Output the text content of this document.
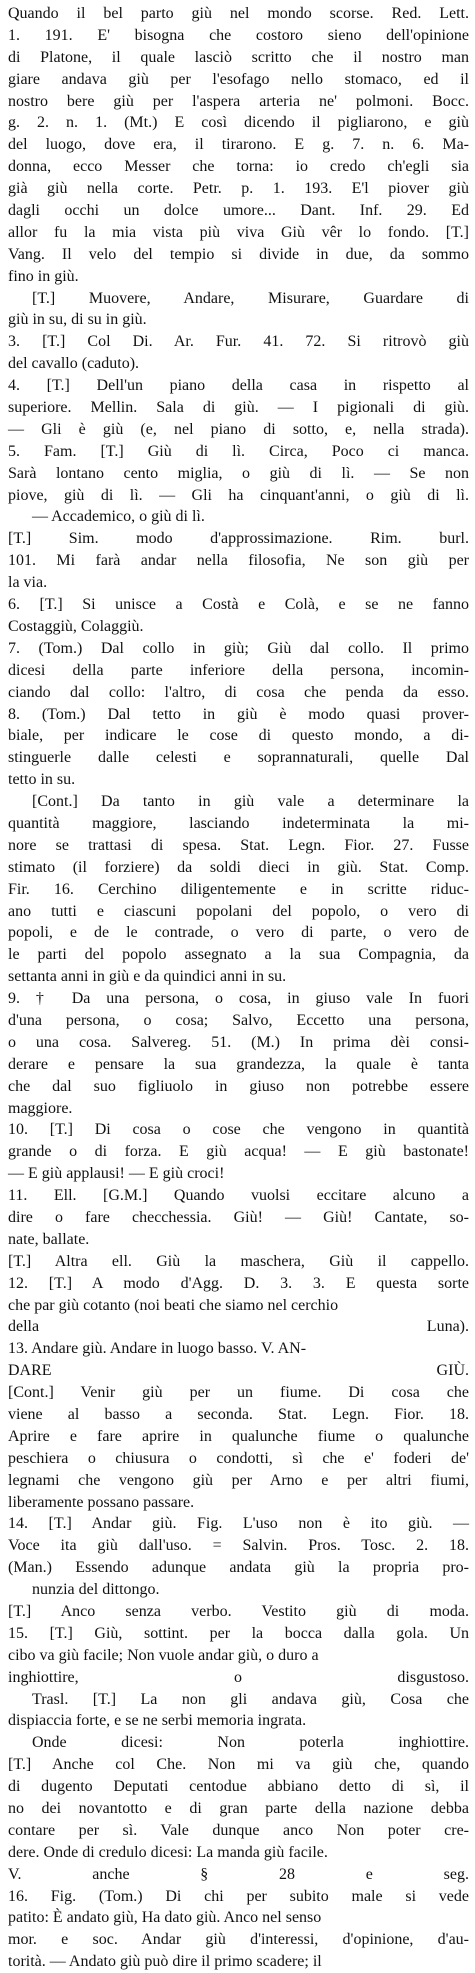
Quando il bel parto giù nel mondo scorse. Red. Lett.
1. 191. E' bisogna che costoro sieno dell'opinione
di Platone, il quale lasciò scritto che il nostro man
giare andava giù per l'esofago nello stomaco, ed il
nostro bere giù per l'aspera arteria ne' polmoni. Bocc.
g. 2. n. 1. (Mt.) E così dicendo il pigliarono, e giù
del luogo, dove era, il tirarono. E g. 7. n. 6. Ma-
donna, ecco Messer che torna: io credo ch'egli sia
già giù nella corte. Petr. p. 1. 193. E'l piover giù
dagli occhi un dolce umore... Dant. Inf. 29. Ed
allor fu la mia vista più viva Giù vêr lo fondo. [T.]
Vang. Il velo del tempio si divide in due, da sommo
fino in giù.
[T.] Muovere, Andare, Misurare, Guardare di
giù in su, di su in giù.
3. [T.] Col Di. Ar. Fur. 41. 72. Si ritrovò giù
del cavallo (caduto).
4. [T.] Dell'un piano della casa in rispetto al
superiore. Mellin. Sala di giù. — I pigionali di giù.
— Gli è giù (e, nel piano di sotto, e, nella strada).
5. Fam. [T.] Giù di lì. Circa, Poco ci manca.
Sarà lontano cento miglia, o giù di lì. — Se non
piove, giù di lì. — Gli ha cinquant'anni, o giù di lì.
— Accademico, o giù di lì.
[T.] Sim. modo d'approssimazione. Rim. burl.
101. Mi farà andar nella filosofia, Ne son giù per
la via.
6. [T.] Si unisce a Costà e Colà, e se ne fanno
Costaggiù, Colaggiù.
7. (Tom.) Dal collo in giù; Giù dal collo. Il primo
dicesi della parte inferiore della persona, incomin-
ciando dal collo: l'altro, di cosa che penda da esso.
8. (Tom.) Dal tetto in giù è modo quasi prover-
biale, per indicare le cose di questo mondo, a di-
stinguerle dalle celesti e soprannaturali, quelle Dal
tetto in su.
[Cont.] Da tanto in giù vale a determinare la
quantità maggiore, lasciando indeterminata la mi-
nore se trattasi di spesa. Stat. Legn. Fior. 27. Fusse
stimato (il forziere) da soldi dieci in giù. Stat. Comp.
Fir. 16. Cerchino diligentemente e in scritte riduc-
ano tutti e ciascuni popolani del popolo, o vero di
popoli, e de le contrade, o vero di parte, o vero de
le parti del popolo assegnato a la sua Compagnia, da
settanta anni in giù e da quindici anni in su.
9. † Da una persona, o cosa, in giuso vale In fuori
d'una persona, o cosa; Salvo, Eccetto una persona,
o una cosa. Salvereg. 51. (M.) In prima dèi consi-
derare e pensare la sua grandezza, la quale è tanta
che dal suo figliuolo in giuso non potrebbe essere
maggiore.
10. [T.] Di cosa o cose che vengono in quantità
grande o di forza. E giù acqua! — E giù bastonate!
— E giù applausi! — E giù croci!
11. Ell. [G.M.] Quando vuolsi eccitare alcuno a
dire o fare checchessia. Giù! — Giù! Cantate, so-
nate, ballate.
[T.] Altra ell. Giù la maschera, Giù il cappello.
12. [T.] A modo d'Agg. D. 3. 3. E questa sorte
che par giù cotanto (noi beati che siamo nel cerchio
della Luna).
13. Andare giù. Andare in luogo basso. V. AN-
DARE GIÙ.
[Cont.] Venir giù per un fiume. Di cosa che
viene al basso a seconda. Stat. Legn. Fior. 18.
Aprire e fare aprire in qualunche fiume o qualunche
peschiera o chiusura o condotti, sì che e' foderi de'
legnami che vengono giù per Arno e per altri fiumi,
liberamente possano passare.
14. [T.] Andar giù. Fig. L'uso non è ito giù. —
Voce ita giù dall'uso. = Salvin. Pros. Tosc. 2. 18.
(Man.) Essendo adunque andata giù la propria pro-
nunzia del dittongo.
[T.] Anco senza verbo. Vestito giù di moda.
15. [T.] Giù, sottint. per la bocca dalla gola. Un
cibo va giù facile; Non vuole andar giù, o duro a
inghiottire, o disgustoso.
Trasl. [T.] La non gli andava giù, Cosa che
dispiaccia forte, e se ne serbi memoria ingrata.
Onde dicesi: Non poterla inghiottire.
[T.] Anche col Che. Non mi va giù che, quando
di dugento Deputati centodue abbiano detto di sì, il
no dei novantotto e di gran parte della nazione debba
contare per sì. Vale dunque anco Non poter cre-
dere. Onde di credulo dicesi: La manda giù facile.
V. anche § 28 e seg.
16. Fig. (Tom.) Di chi per subito male si vede
patito: È andato giù, Ha dato giù. Anco nel senso
mor. e soc. Andar giù d'interessi, d'opinione, d'au-
torità. — Andato giù può dire il primo scadere; il
